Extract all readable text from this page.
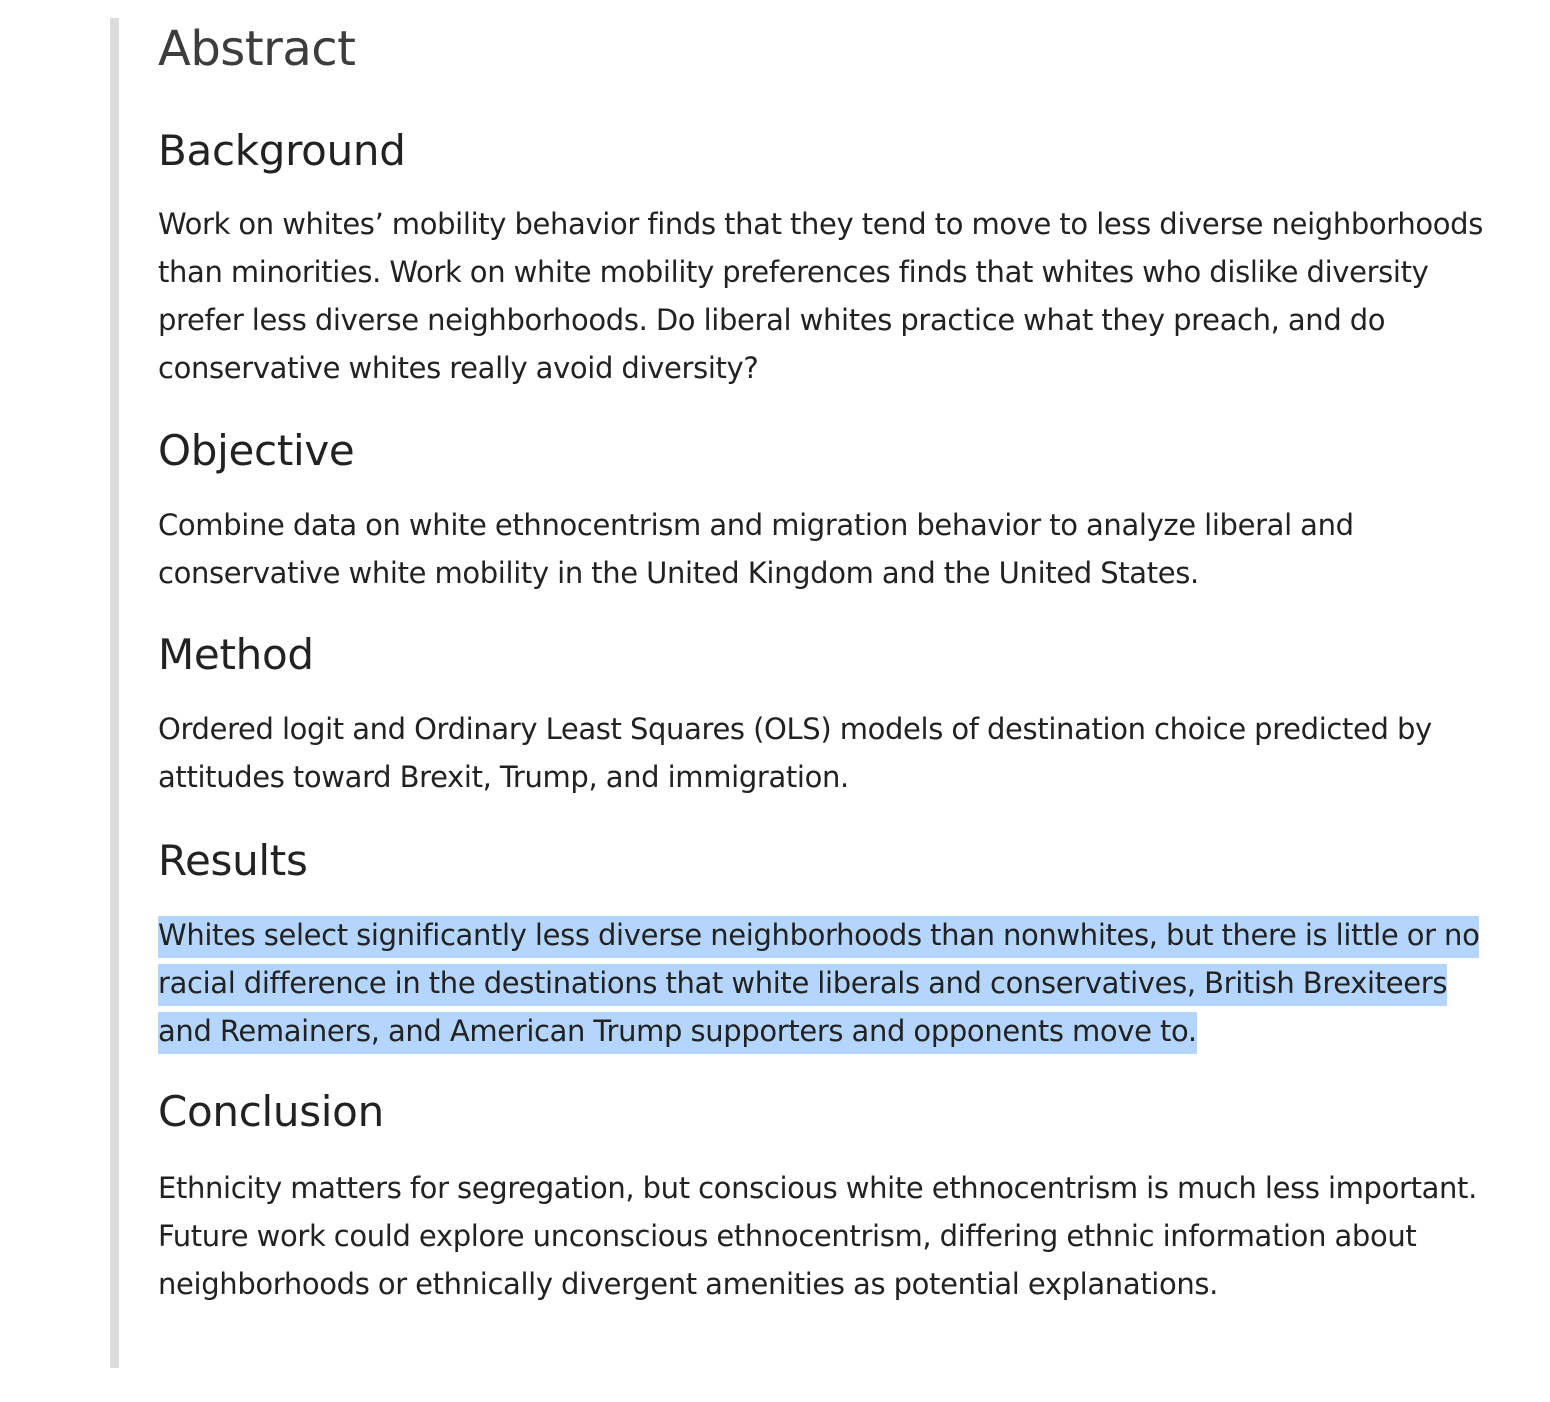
Abstract
Background

Work on whites’ mobility behavior finds that they tend to move to less diverse neighborhoods than minorities. Work on white mobility preferences finds that whites who dislike diversity prefer less diverse neighborhoods. Do liberal whites practice what they preach, and do conservative whites really avoid diversity?

Objective

Combine data on white ethnocentrism and migration behavior to analyze liberal and conservative white mobility in the United Kingdom and the United States.

Method

Ordered logit and Ordinary Least Squares (OLS) models of destination choice predicted by attitudes toward Brexit, Trump, and immigration.

Results

Whites select significantly less diverse neighborhoods than nonwhites, but there is little or no racial difference in the destinations that white liberals and conservatives, British Brexiteers and Remainers, and American Trump supporters and opponents move to.

Conclusion

Ethnicity matters for segregation, but conscious white ethnocentrism is much less important. Future work could explore unconscious ethnocentrism, differing ethnic information about neighborhoods or ethnically divergent amenities as potential explanations.
